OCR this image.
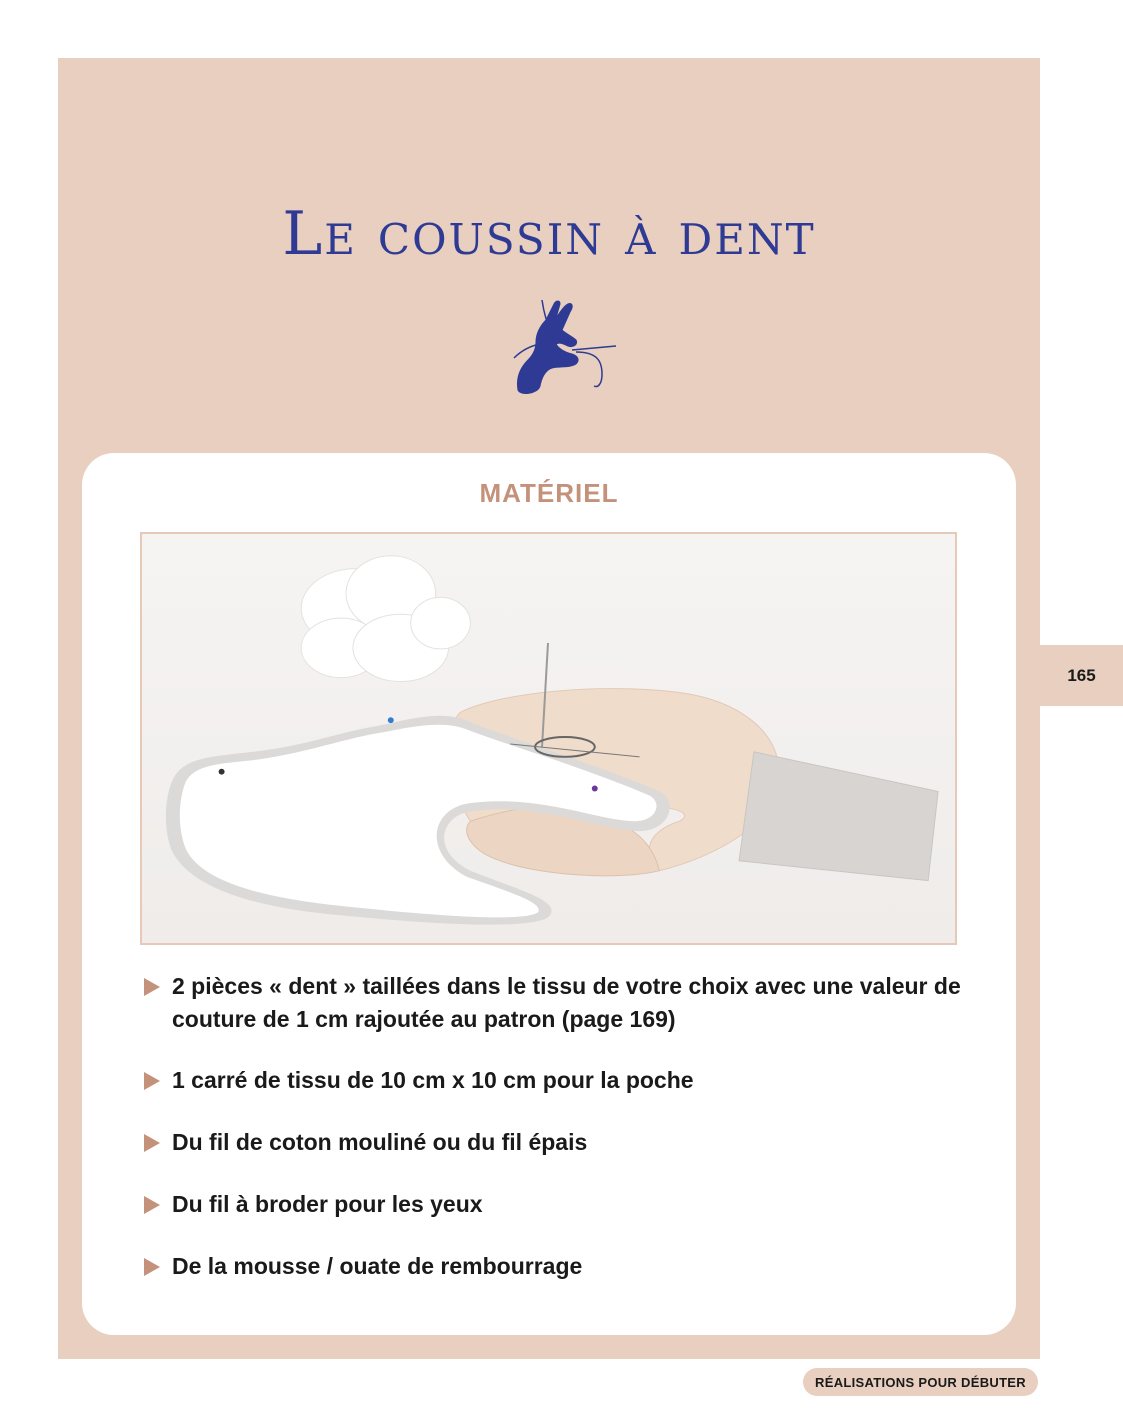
Le coussin à dent
MATÉRIEL
2 pièces « dent » taillées dans le tissu de votre choix avec une valeur de couture de 1 cm rajoutée au patron (page 169)
1 carré de tissu de 10 cm x 10 cm pour la poche
Du fil de coton mouliné ou du fil épais
Du fil à broder pour les yeux
De la mousse / ouate de rembourrage
165
RÉALISATIONS POUR DÉBUTER
